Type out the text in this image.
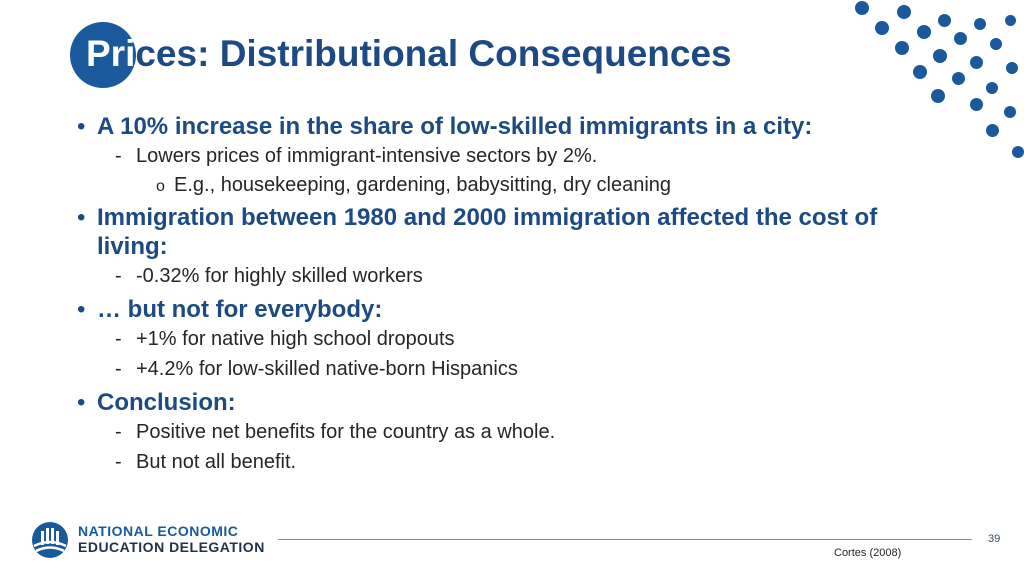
Prices: Distributional Consequences
• A 10% increase in the share of low-skilled immigrants in a city:
- Lowers prices of immigrant-intensive sectors by 2%.
o E.g., housekeeping, gardening, babysitting, dry cleaning
• Immigration between 1980 and 2000 immigration affected the cost of living:
- -0.32% for highly skilled workers
• … but not for everybody:
- +1% for native high school dropouts
- +4.2% for low-skilled native-born Hispanics
• Conclusion:
- Positive net benefits for the country as a whole.
- But not all benefit.
NATIONAL ECONOMIC
EDUCATION DELEGATION	39
Cortes (2008)
